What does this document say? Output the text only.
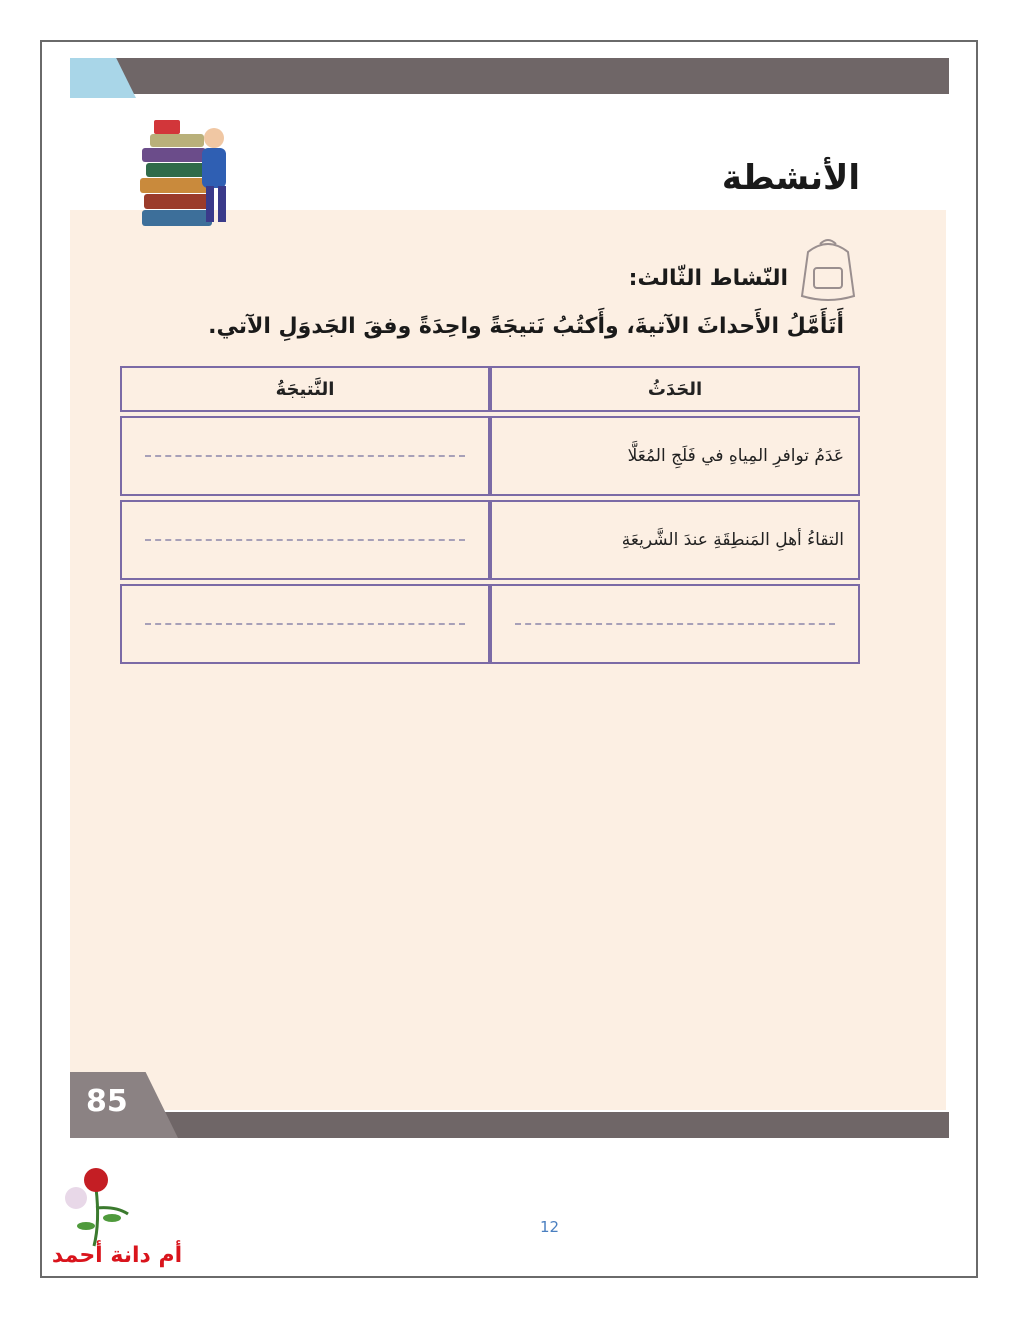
الأنشطة
النّشاط الثّالث:
أَتَأَمَّلُ الأَحداثَ الآتيةَ، وأَكتُبُ نَتيجَةً واحِدَةً وفقَ الجَدوَلِ الآتي.
النَّتيجَةُ	الحَدَثُ
عَدَمُ توافرِ المِياهِ في فَلَجِ المُعَلَّا
التقاءُ أهلِ المَنطِقَةِ عندَ الشَّريعَةِ
85
أم دانة أحمد
12
